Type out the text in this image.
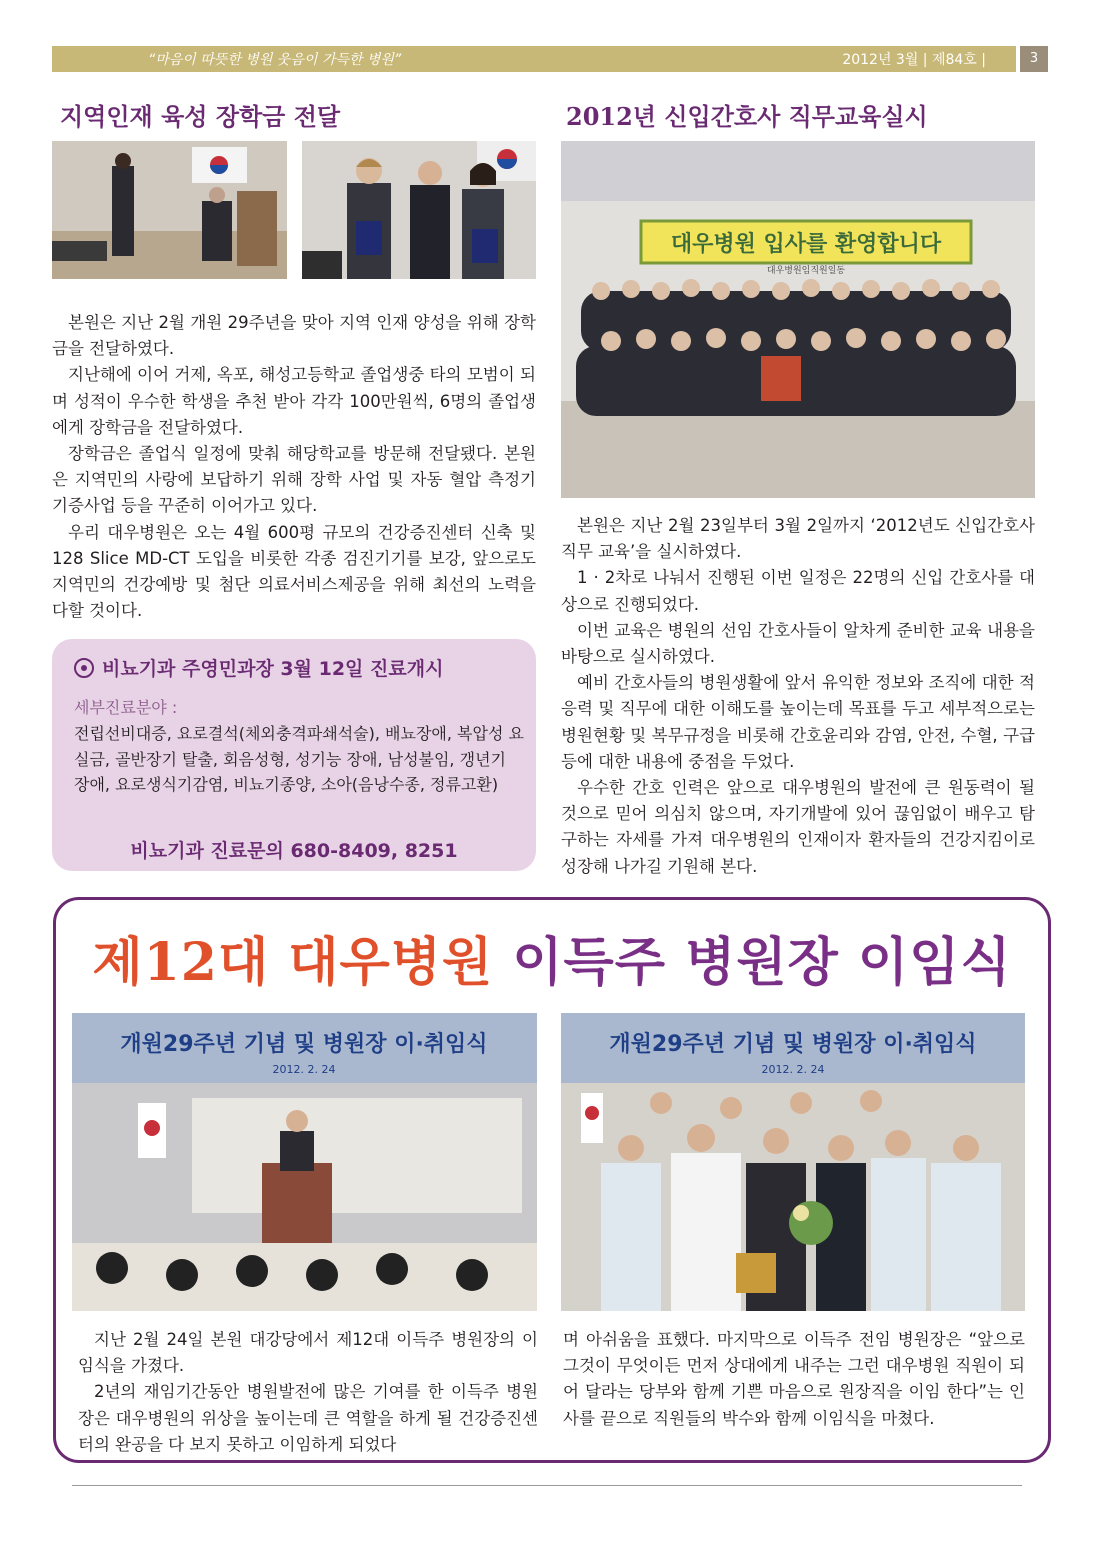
“마음이 따뜻한 병원 웃음이 가득한 병원”	2012년 3월 | 제84호 |	3
지역인재 육성 장학금 전달

본원은 지난 2월 개원 29주년을 맞아 지역 인재 양성을 위해 장학금을 전달하였다.

지난해에 이어 거제, 옥포, 해성고등학교 졸업생중 타의 모범이 되며 성적이 우수한 학생을 추천 받아 각각 100만원씩, 6명의 졸업생에게 장학금을 전달하였다.

장학금은 졸업식 일정에 맞춰 해당학교를 방문해 전달됐다. 본원은 지역민의 사랑에 보답하기 위해 장학 사업 및 자동 혈압 측정기 기증사업 등을 꾸준히 이어가고 있다.

우리 대우병원은 오는 4월 600평 규모의 건강증진센터 신축 및 128 Slice MD-CT 도입을 비롯한 각종 검진기기를 보강, 앞으로도 지역민의 건강예방 및 첨단 의료서비스제공을 위해 최선의 노력을 다할 것이다.

비뇨기과 주영민과장 3월 12일 진료개시
세부진료분야 :
전립선비대증, 요로결석(체외충격파쇄석술), 배뇨장애, 복압성 요실금, 골반장기 탈출, 회음성형, 성기능 장애, 남성불임, 갱년기 장애, 요로생식기감염, 비뇨기종양, 소아(음낭수종, 정류고환)
비뇨기과 진료문의 680-8409, 8251
2012년 신입간호사 직무교육실시
대우병원 입사를 환영합니다
대우병원임직원일동

본원은 지난 2월 23일부터 3월 2일까지 ‘2012년도 신입간호사 직무 교육’을 실시하였다.

1 · 2차로 나눠서 진행된 이번 일정은 22명의 신입 간호사를 대상으로 진행되었다.

이번 교육은 병원의 선임 간호사들이 알차게 준비한 교육 내용을 바탕으로 실시하였다.

예비 간호사들의 병원생활에 앞서 유익한 정보와 조직에 대한 적응력 및 직무에 대한 이해도를 높이는데 목표를 두고 세부적으로는 병원현황 및 복무규정을 비롯해 간호윤리와 감염, 안전, 수혈, 구급 등에 대한 내용에 중점을 두었다.

우수한 간호 인력은 앞으로 대우병원의 발전에 큰 원동력이 될 것으로 믿어 의심치 않으며, 자기개발에 있어 끊임없이 배우고 탐구하는 자세를 가져 대우병원의 인재이자 환자들의 건강지킴이로 성장해 나가길 기원해 본다.

제12대 대우병원 이득주 병원장 이임식
개원29주년 기념 및 병원장 이·취임식
2012. 2. 24
개원29주년 기념 및 병원장 이·취임식
2012. 2. 24

지난 2월 24일 본원 대강당에서 제12대 이득주 병원장의 이임식을 가졌다.

2년의 재임기간동안 병원발전에 많은 기여를 한 이득주 병원장은 대우병원의 위상을 높이는데 큰 역할을 하게 될 건강증진센터의 완공을 다 보지 못하고 이임하게 되었다

며 아쉬움을 표했다. 마지막으로 이득주 전임 병원장은 “앞으로 그것이 무엇이든 먼저 상대에게 내주는 그런 대우병원 직원이 되어 달라는 당부와 함께 기쁜 마음으로 원장직을 이임 한다”는 인사를 끝으로 직원들의 박수와 함께 이임식을 마쳤다.
